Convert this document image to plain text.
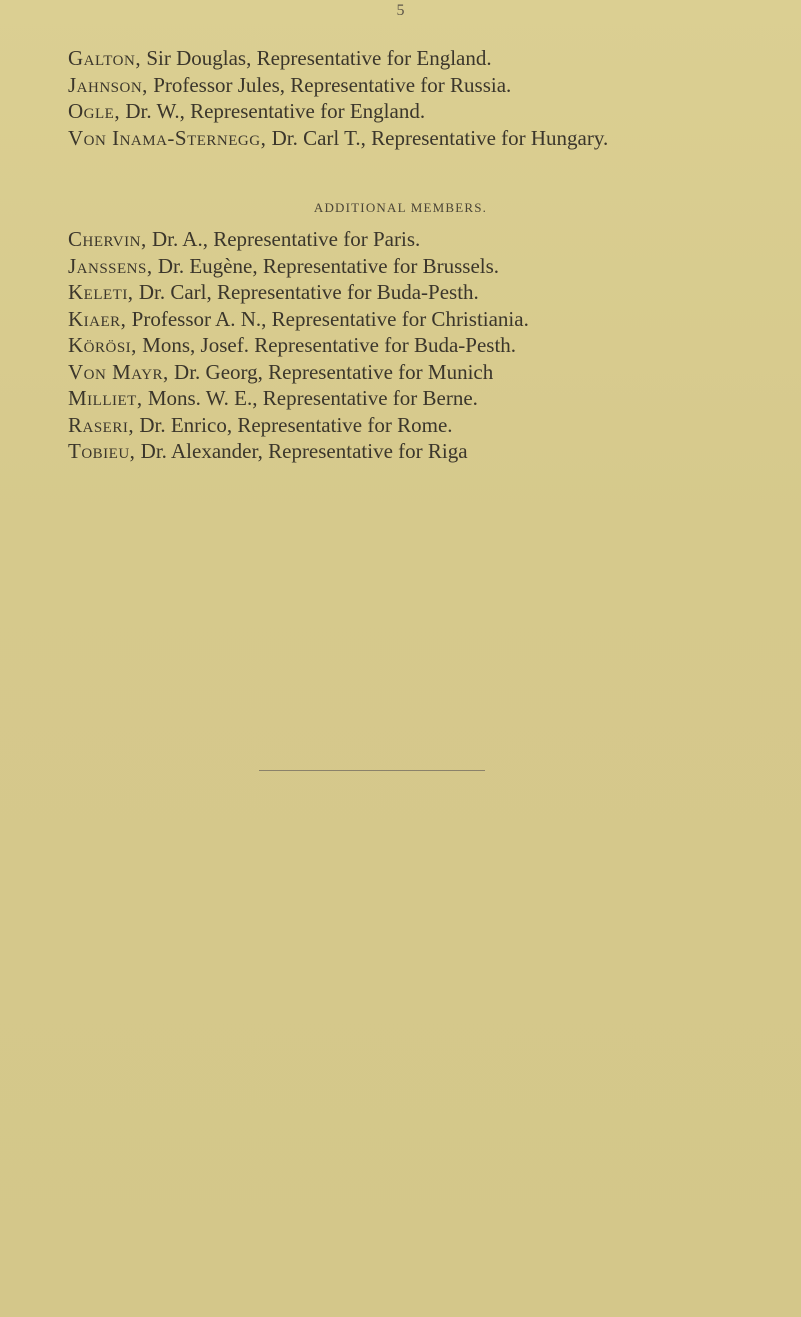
5
Galton, Sir Douglas, Representative for England.
Jahnson, Professor Jules, Representative for Russia.
Ogle, Dr. W., Representative for England.
Von Inama-Sternegg, Dr. Carl T., Representative for Hungary.
ADDITIONAL MEMBERS.
Chervin, Dr. A., Representative for Paris.
Janssens, Dr. Eugène, Representative for Brussels.
Keleti, Dr. Carl, Representative for Buda-Pesth.
Kiaer, Professor A. N., Representative for Christiania.
Körösi, Mons, Josef. Representative for Buda-Pesth.
Von Mayr, Dr. Georg, Representative for Munich
Milliet, Mons. W. E., Representative for Berne.
Raseri, Dr. Enrico, Representative for Rome.
Tobieu, Dr. Alexander, Representative for Riga
